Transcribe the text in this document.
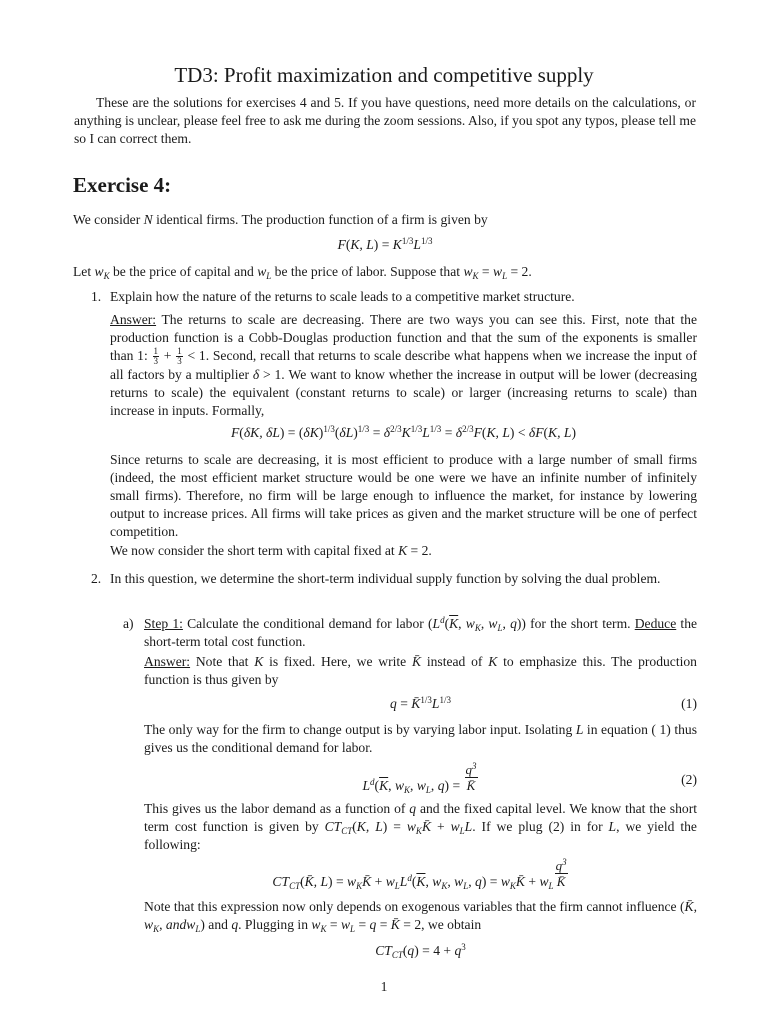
TD3: Profit maximization and competitive supply
These are the solutions for exercises 4 and 5. If you have questions, need more details on the calculations, or anything is unclear, please feel free to ask me during the zoom sessions. Also, if you spot any typos, please tell me so I can correct them.
Exercise 4:
We consider N identical firms. The production function of a firm is given by
F(K, $L) = K^{1/3}L^{1/3}$
Let $w_K$ be the price of capital and $w_L$ be the price of labor. Suppose that $w_K = w_L = 2$.
1. Explain how the nature of the returns to scale leads to a competitive market structure.
Answer: The returns to scale are decreasing. There are two ways you can see this. First, note that the production function is a Cobb-Douglas production function and that the sum of the exponents is smaller than 1: $\frac{1}{3} + \frac{1}{3} < 1$. Second, recall that returns to scale describe what happens when we increase the input of all factors by a multiplier δ > 1. We want to know whether the increase in output will be lower (decreasing returns to scale) the equivalent (constant returns to scale) or larger (increasing returns to scale) than increase in inputs. Formally,
F(δK, $\delta L) = (\delta K)^{1/3}(\delta L)^{1/3} = \delta^{2/3}K^{1/3}L^{1/3} = \delta^{2/3}F(K$, L) < δF(K, L)
Since returns to scale are decreasing, it is most efficient to produce with a large number of small firms (indeed, the most efficient market structure would be one were we have an infinite number of infinitely small firms). Therefore, no firm will be large enough to influence the market, for instance by lowering output to increase prices. All firms will take prices as given and the market structure will be one of perfect competition.
We now consider the short term with capital fixed at K = 2.
2. In this question, we determine the short-term individual supply function by solving the dual problem.
a) Step 1: Calculate the conditional demand for labor ($L^d(\overline{K}$, $w_K$, $w_L$, q)) for the short term. Deduce the short-term total cost function.
Answer: Note that K is fixed. Here, we write K̄ instead of K to emphasize this. The production function is thus given by
$q = K̄^{1/3}L^{1/3}$	(1)
The only way for the firm to change output is by varying labor input. Isolating L in equation ( 1) thus gives us the conditional demand for labor.
$L^d(\overline{K}$, $w_K$, $w_L$, $q) = \frac{q^3}{K̄}$	(2)
This gives us the labor demand as a function of q and the fixed capital level. We know that the short term cost function is given by $CT_{CT}(K$, $L) = w_KK̄ + w_LL$. If we plug (2) in for L, we yield the following:
$CT_{CT}(K̄$, $L) = w_KK̄ + w_LL^d(\overline{K}$, $w_K$, $w_L$, $q) = w_KK̄ + w_L \frac{q^3}{K̄}$
Note that this expression now only depends on exogenous variables that the firm cannot influence (K̄, $w_K$, andw$_L$) and q. Plugging in $w_K = w_L = q$ = K̄ = 2, we obtain
$CT_{CT}(q) = 4 + q^3$
1
